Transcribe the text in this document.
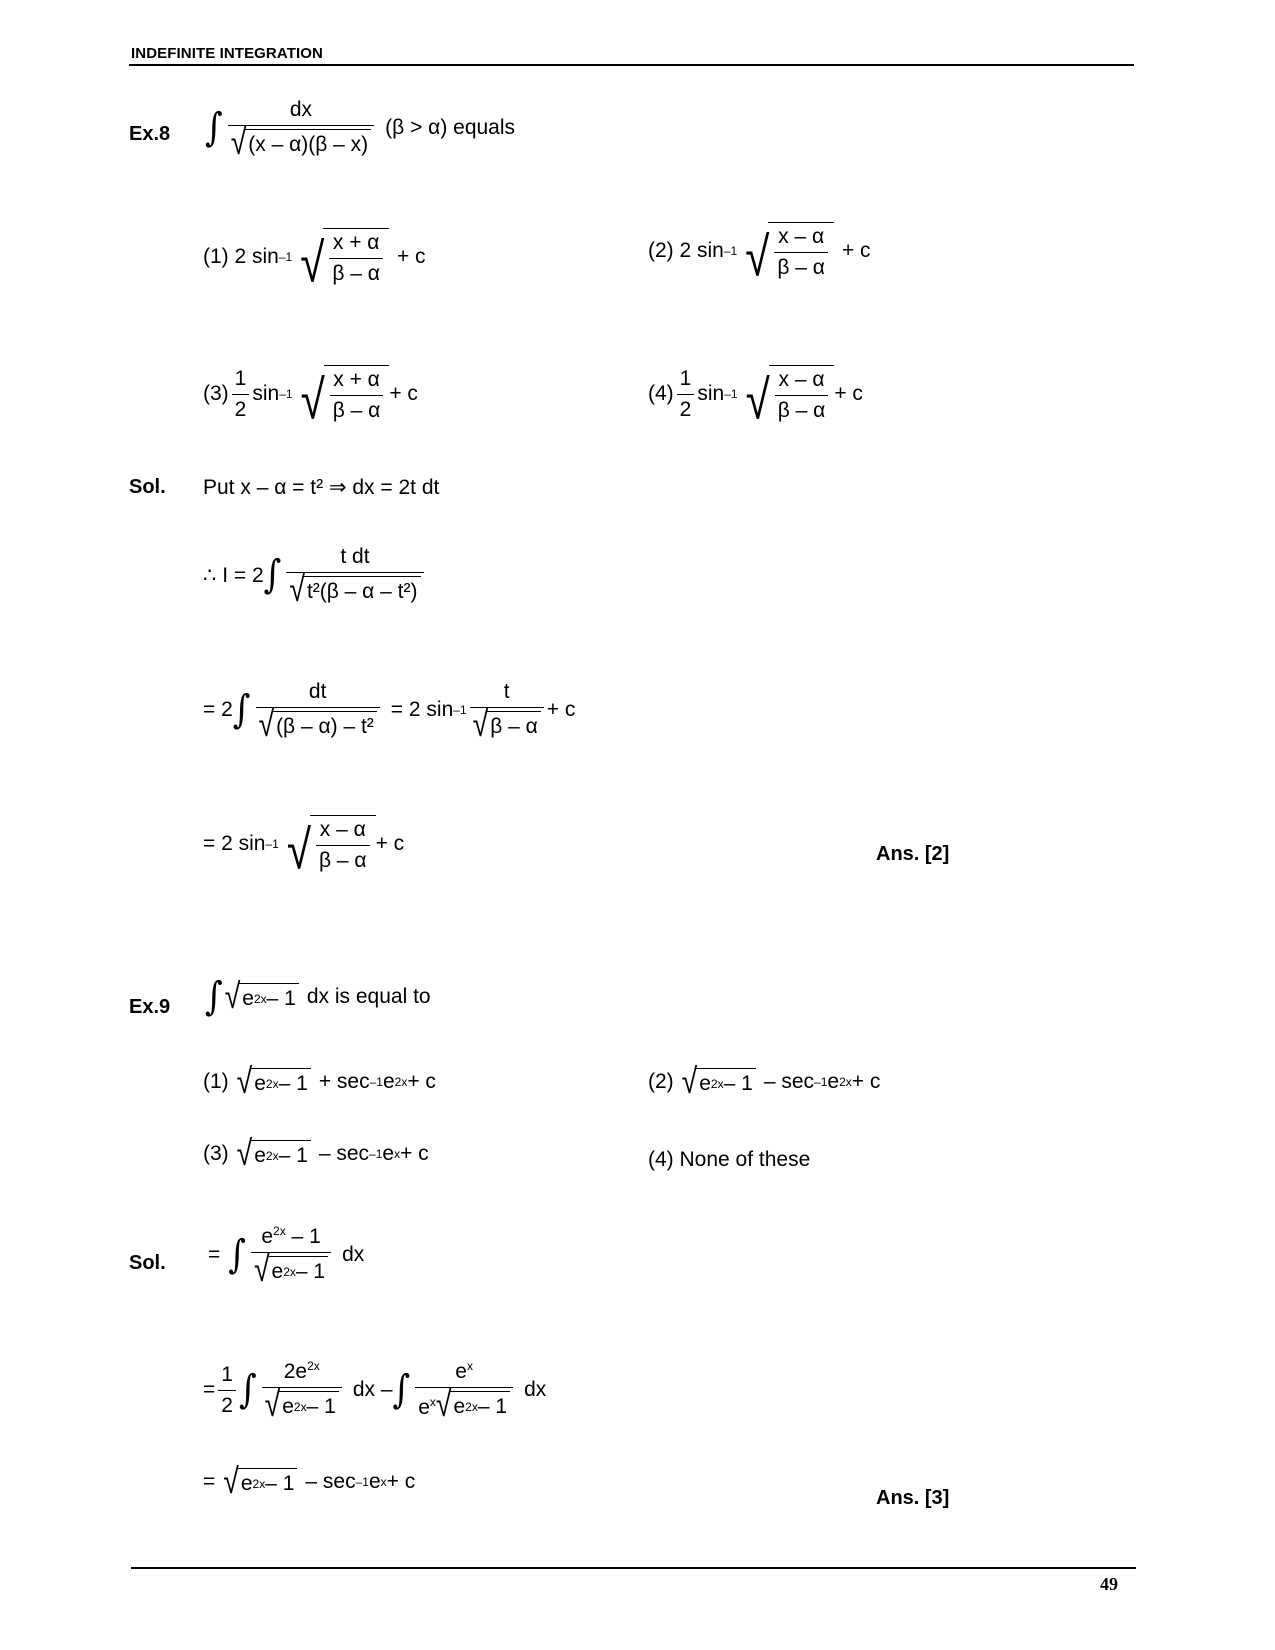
INDEFINITE INTEGRATION
Ex.8 ∫ $\frac{dx}{√ (x - \alpha)(\beta - x)} (\beta > \alpha)$ equals
(1) 2 sin –1 √ $\frac{x + \alpha}{\beta - \alpha} + c$	(2) 2 sin –1 √ $\frac{x - \alpha}{\beta - \alpha} + c$
$(3) \frac{1}{2}$ sin –1 √ $\frac{x + \alpha}{\beta - \alpha} + c$	$(4) \frac{1}{2}$ sin –1 √ $\frac{x - \alpha}{\beta - \alpha} + c$
Sol. Put x – α = t² ⇒ dx = 2t dt
∴ I = 2 ∫ $\frac{\text{t dt}}{\text{√ t²(β – α – t²)}}$
= 2 ∫ $\frac{dt}{\text{√ (β – α) – t²}} = 2$ $\sin -1 \frac{t}{√ \beta - \alpha} + c$
= 2 sin –1 √ $\frac{x - \alpha}{\beta - \alpha} + c$	Ans. [2]
Ex.9 ∫ √ e 2x – 1 dx is equal to
(1) √ e 2x – 1 + sec –1 e 2x + c	(2) √ e 2x – 1 – sec –1 e 2x + c
(3) √ e 2x – 1 – sec –1 e x + c	(4) None of these
Sol. = ∫ $\frac{e^{2x} - 1}{√ e 2x - 1}$ dx
= $\frac{1}{2}$ ∫ $\frac{2e^{2x}}{√ e 2x - 1}$ dx – ∫ $\frac{e^x}{e^x √ e 2x - 1}$ dx
= √ e 2x – 1 – sec –1 e x + c
Ans. [3]
49
